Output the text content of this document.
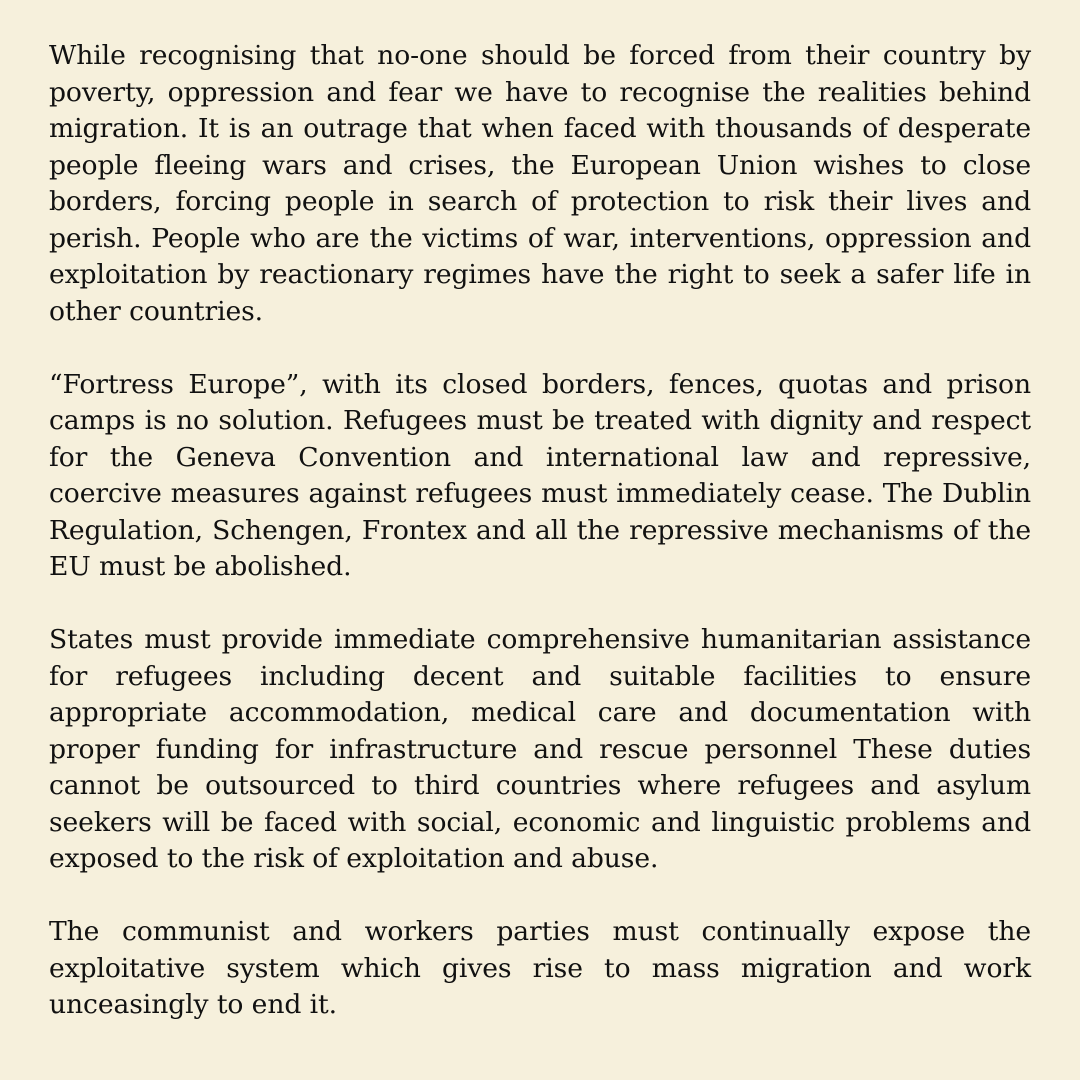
While recognising that no-one should be forced from their country by poverty, oppression and fear we have to recognise the realities behind migration. It is an outrage that when faced with thousands of desperate people fleeing wars and crises, the European Union wishes to close borders, forcing people in search of protection to risk their lives and perish. People who are the victims of war, interventions, oppression and exploitation by reactionary regimes have the right to seek a safer life in other countries.

“Fortress Europe”, with its closed borders, fences, quotas and prison camps is no solution. Refugees must be treated with dignity and respect for the Geneva Convention and international law and repressive, coercive measures against refugees must immediately cease. The Dublin Regulation, Schengen, Frontex and all the repressive mechanisms of the EU must be abolished.

States must provide immediate comprehensive humanitarian assistance for refugees including decent and suitable facilities to ensure appropriate accommodation, medical care and documentation with proper funding for infrastructure and rescue personnel These duties cannot be outsourced to third countries where refugees and asylum seekers will be faced with social, economic and linguistic problems and exposed to the risk of exploitation and abuse.

The communist and workers parties must continually expose the exploitative system which gives rise to mass migration and work unceasingly to end it.
